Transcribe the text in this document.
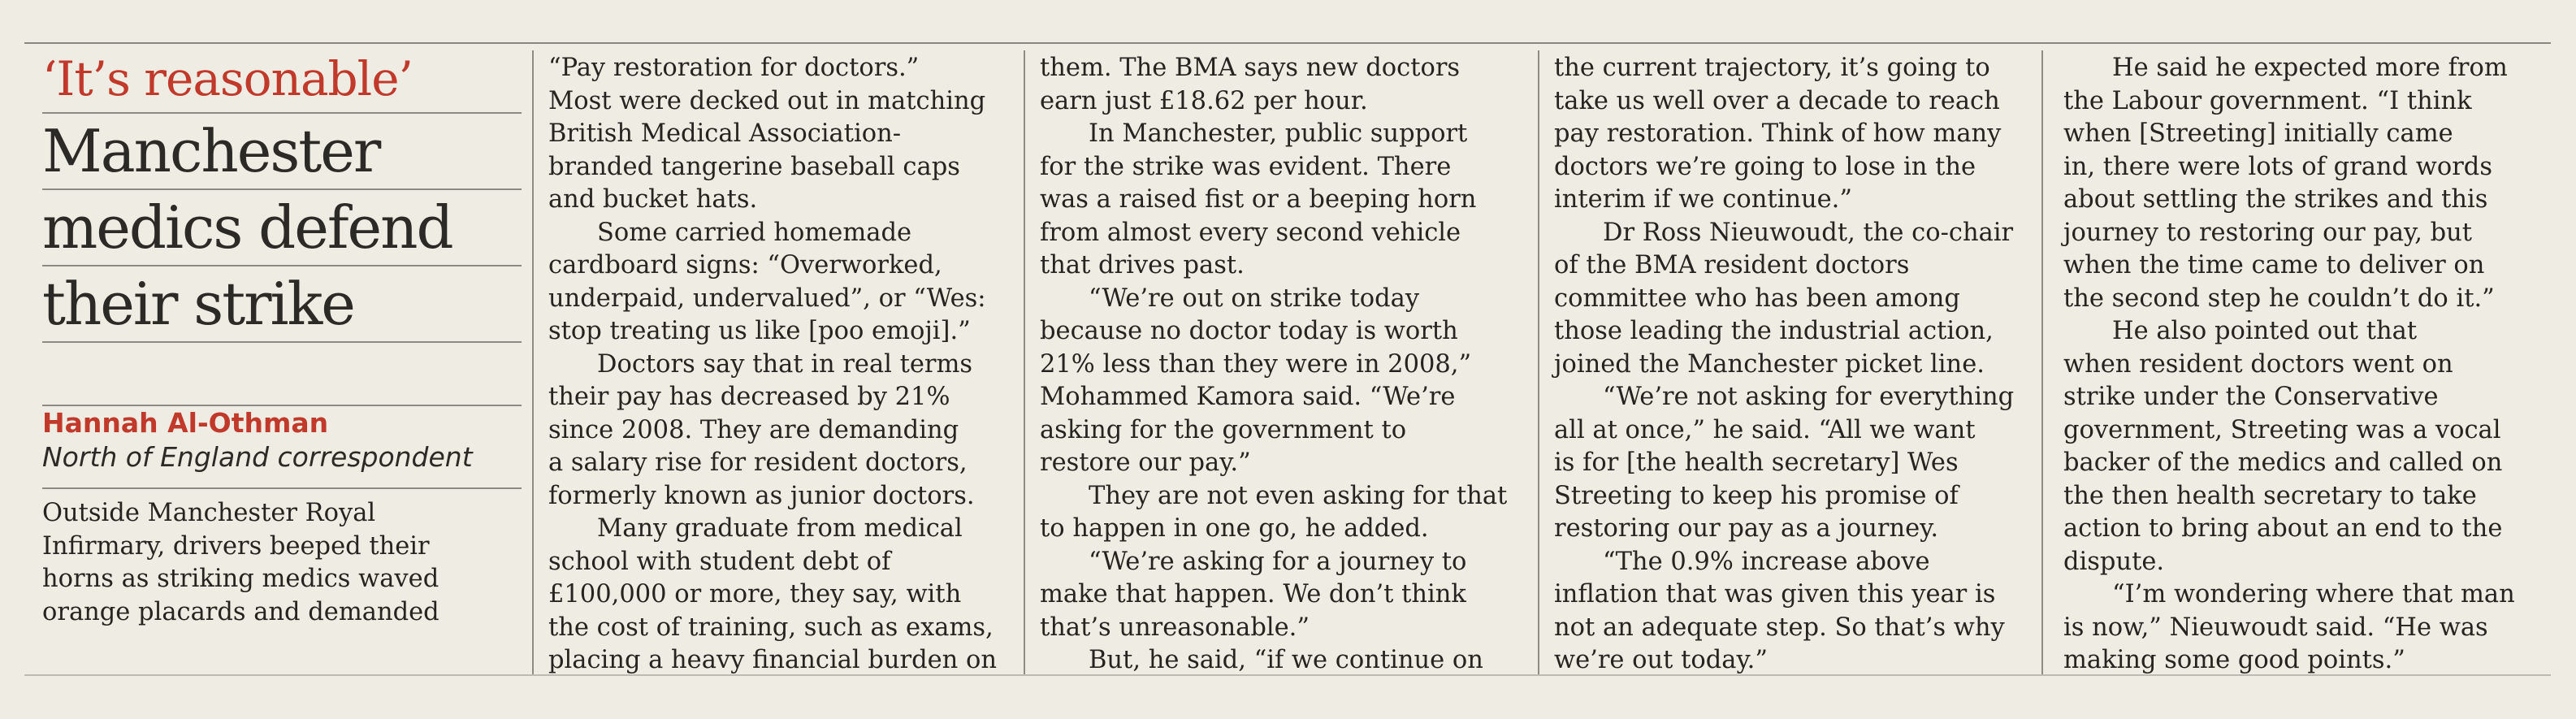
‘It’s reasonable’

Manchester

medics defend

their strike

Hannah Al-Othman

North of England correspondent

Outside Manchester Royal

Infirmary, drivers beeped their

horns as striking medics waved

orange placards and demanded

“Pay restoration for doctors.”

Most were decked out in matching

British Medical Association-

branded tangerine baseball caps

and bucket hats.

Some carried homemade

cardboard signs: “Overworked,

underpaid, undervalued”, or “Wes:

stop treating us like [poo emoji].”

Doctors say that in real terms

their pay has decreased by 21%

since 2008. They are demanding

a salary rise for resident doctors,

formerly known as junior doctors.

Many graduate from medical

school with student debt of

£100,000 or more, they say, with

the cost of training, such as exams,

placing a heavy financial burden on

them. The BMA says new doctors

earn just £18.62 per hour.

In Manchester, public support

for the strike was evident. There

was a raised fist or a beeping horn

from almost every second vehicle

that drives past.

“We’re out on strike today

because no doctor today is worth

21% less than they were in 2008,”

Mohammed Kamora said. “We’re

asking for the government to

restore our pay.”

They are not even asking for that

to happen in one go, he added.

“We’re asking for a journey to

make that happen. We don’t think

that’s unreasonable.”

But, he said, “if we continue on

the current trajectory, it’s going to

take us well over a decade to reach

pay restoration. Think of how many

doctors we’re going to lose in the

interim if we continue.”

Dr Ross Nieuwoudt, the co-chair

of the BMA resident doctors

committee who has been among

those leading the industrial action,

joined the Manchester picket line.

“We’re not asking for everything

all at once,” he said. “All we want

is for [the health secretary] Wes

Streeting to keep his promise of

restoring our pay as a journey.

“The 0.9% increase above

inflation that was given this year is

not an adequate step. So that’s why

we’re out today.”

He said he expected more from

the Labour government. “I think

when [Streeting] initially came

in, there were lots of grand words

about settling the strikes and this

journey to restoring our pay, but

when the time came to deliver on

the second step he couldn’t do it.”

He also pointed out that

when resident doctors went on

strike under the Conservative

government, Streeting was a vocal

backer of the medics and called on

the then health secretary to take

action to bring about an end to the

dispute.

“I’m wondering where that man

is now,” Nieuwoudt said. “He was

making some good points.”
